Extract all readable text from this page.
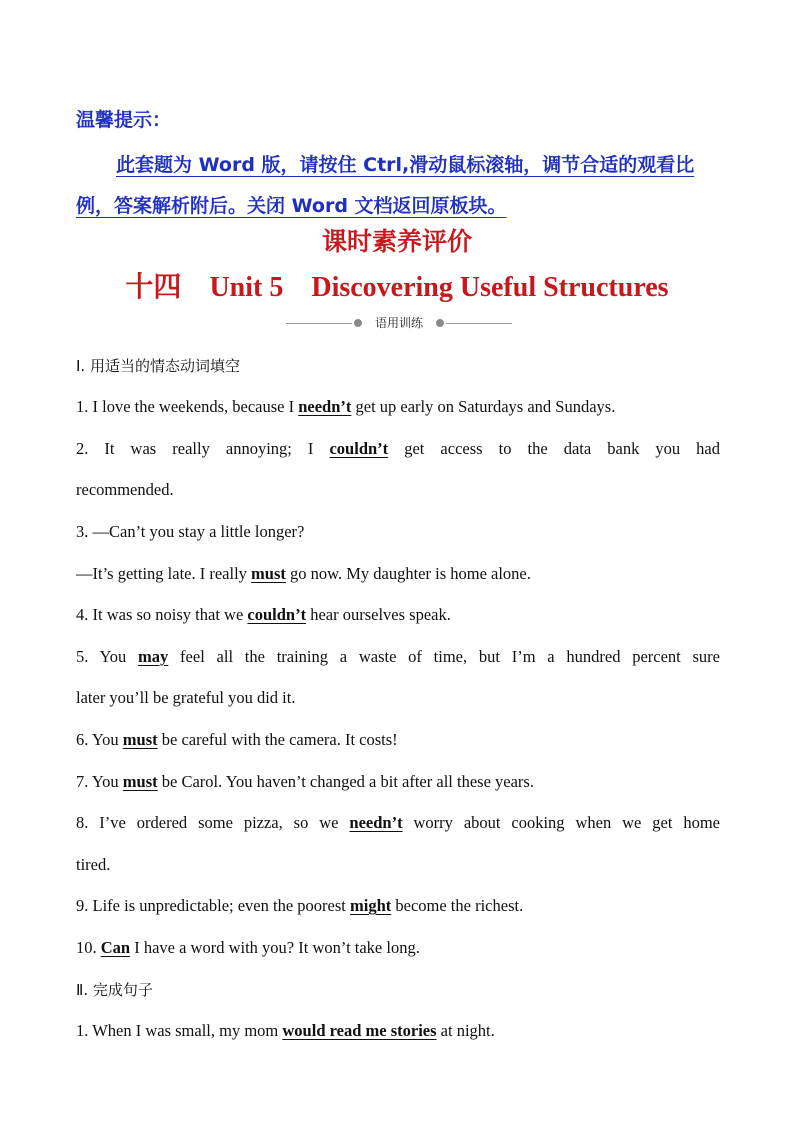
温馨提示：

此套题为 Word 版，请按住 Ctrl,滑动鼠标滚轴，调节合适的观看比例，答案解析附后。关闭 Word 文档返回原板块。

课时素养评价
十四 Unit 5 Discovering Useful Structures
语用训练
Ⅰ. 用适当的情态动词填空
1. I love the weekends, because I needn’t get up early on Saturdays and Sundays.
2. It was really annoying; I couldn’t get access to the data bank you had
recommended.
3. —Can’t you stay a little longer?
—It’s getting late. I really must go now. My daughter is home alone.
4. It was so noisy that we couldn’t hear ourselves speak.
5. You may feel all the training a waste of time, but I’m a hundred percent sure
later you’ll be grateful you did it.
6. You must be careful with the camera. It costs!
7. You must be Carol. You haven’t changed a bit after all these years.
8. I’ve ordered some pizza, so we needn’t worry about cooking when we get home
tired.
9. Life is unpredictable; even the poorest might become the richest.
10. Can I have a word with you? It won’t take long.
Ⅱ. 完成句子
1. When I was small, my mom would read me stories at night.
